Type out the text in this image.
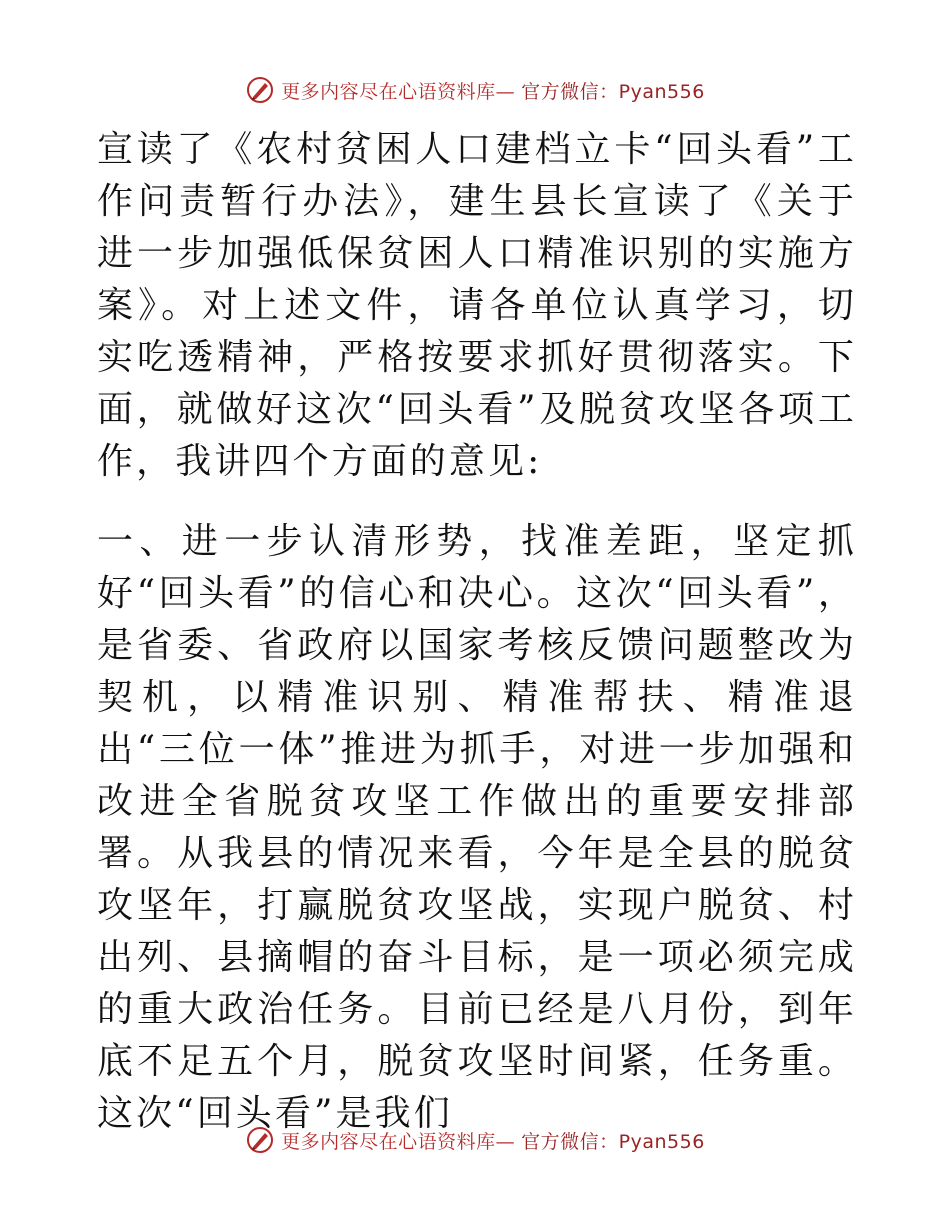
更多内容尽在心语资料库— 官方微信：Pyan556

宣读了《农村贫困人口建档立卡“回头看”工作问责暂行办法》，建生县长宣读了《关于进一步加强低保贫困人口精准识别的实施方案》。对上述文件，请各单位认真学习，切实吃透精神，严格按要求抓好贯彻落实。下面，就做好这次“回头看”及脱贫攻坚各项工作，我讲四个方面的意见:

一、进一步认清形势，找准差距，坚定抓好“回头看”的信心和决心。这次“回头看”，是省委、省政府以国家考核反馈问题整改为契机，以精准识别、精准帮扶、精准退出“三位一体”推进为抓手，对进一步加强和改进全省脱贫攻坚工作做出的重要安排部署。从我县的情况来看，今年是全县的脱贫攻坚年，打赢脱贫攻坚战，实现户脱贫、村出列、县摘帽的奋斗目标，是一项必须完成的重大政治任务。目前已经是八月份，到年底不足五个月，脱贫攻坚时间紧，任务重。这次“回头看”是我们

更多内容尽在心语资料库— 官方微信：Pyan556
